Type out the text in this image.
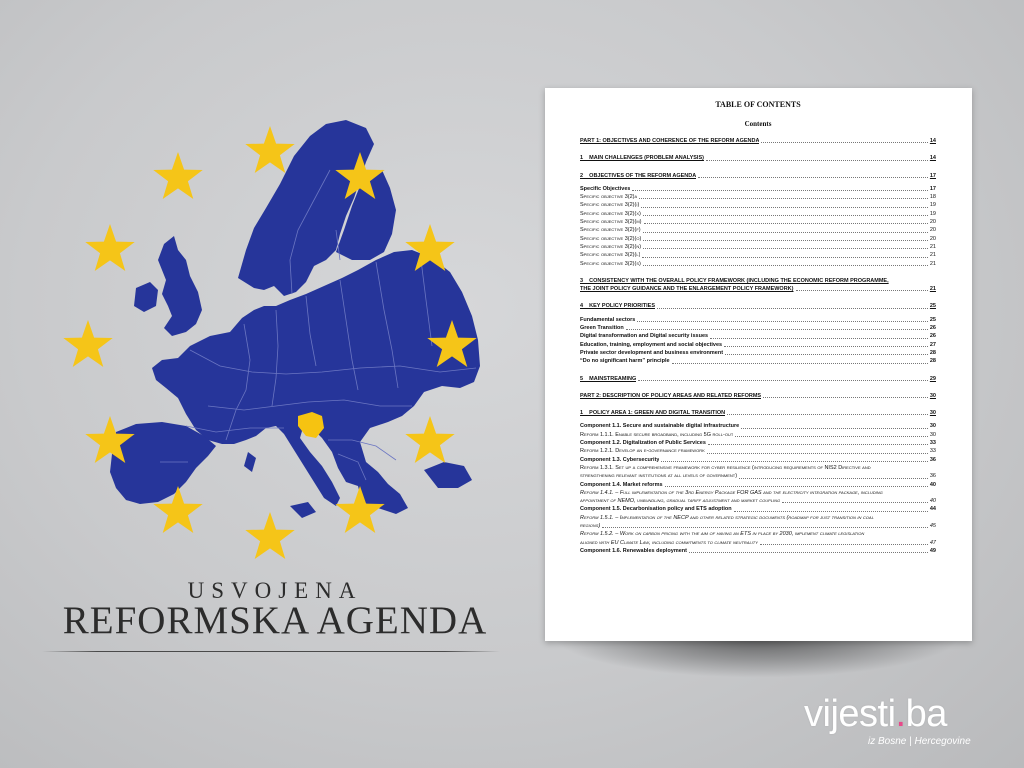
USVOJENA
REFORMSKA AGENDA
TABLE OF CONTENTS
Contents
PART 1: OBJECTIVES AND COHERENCE OF THE REFORM AGENDA	14
1    MAIN CHALLENGES (PROBLEM ANALYSIS)	14
2    OBJECTIVES OF THE REFORM AGENDA	17
Specific Objectives	17
Specific objective 3(2)a	18
Specific objective 3(2)(i)	19
Specific objective 3(2)(x)	19
Specific objective 3(2)(m)	20
Specific objective 3(2)(f)	20
Specific objective 3(2)(o)	20
Specific objective 3(2)(n)	21
Specific objective 3(2)(l)	21
Specific objective 3(2)(s)	21
3    CONSISTENCY WITH THE OVERALL POLICY FRAMEWORK (INCLUDING THE ECONOMIC REFORM PROGRAMME,
THE JOINT POLICY GUIDANCE AND THE ENLARGEMENT POLICY FRAMEWORK)	21
4    KEY POLICY PRIORITIES	25
Fundamental sectors	25
Green Transition	26
Digital transformation and Digital security issues	26
Education, training, employment and social objectives	27
Private sector development and business environment	28
“Do no significant harm” principle	28
5    MAINSTREAMING	29
PART 2: DESCRIPTION OF POLICY AREAS AND RELATED REFORMS	30
1    POLICY AREA 1: GREEN AND DIGITAL TRANSITION	30
Component 1.1. Secure and sustainable digital infrastructure	30
Reform 1.1.1. Enable secure broadband, including 5G roll-out	30
Component 1.2. Digitalization of Public Services	33
Reform 1.2.1. Develop an e-governance framework	33
Component 1.3. Cybersecurity	36
Reform 1.3.1. Set up a comprehensive framework for cyber resilience (introducing requirements of NIS2 Directive and
strengthening relevant institutions at all levels of government)	36
Component 1.4. Market reforms	40
Reform 1.4.1. – Full implementation of the 3rd Energy Package FOR GAS and the electricity integration package, including
appointment of NEMO, unbundling, gradual tariff adjustment and market coupling	40
Component 1.5. Decarbonisation policy and ETS adoption	44
Reform 1.5.1. – Implementation of the NECP and other related strategic documents (roadmap for just transition in coal
regions)	45
Reform 1.5.2. – Work on carbon pricing with the aim of having an ETS in place by 2030, implement climate legislation
aligned with EU Climate Law, including commitments to climate neutrality	47
Component 1.6. Renewables deployment	49
vijesti.ba
iz Bosne | Hercegovine
